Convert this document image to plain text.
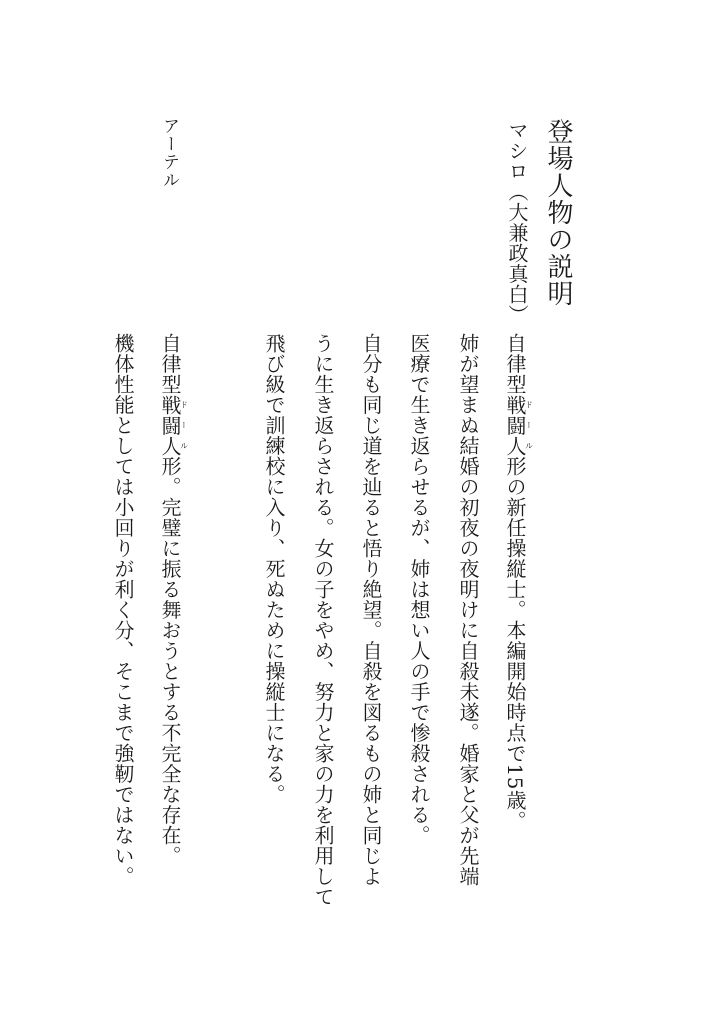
登場人物の説明
マシロ（大兼政真白）
自律型戦ド闘ー人ル形の新任操縦士。本編開始時点で15歳。
姉が望まぬ結婚の初夜の夜明けに自殺未遂。婚家と父が先端
医療で生き返らせるが、姉は想い人の手で惨殺される。
自分も同じ道を辿ると悟り絶望。自殺を図るもの姉と同じよ
うに生き返らされる。女の子をやめ、努力と家の力を利用して
飛び級で訓練校に入り、死ぬために操縦士になる。
アーテル
自律型戦ド闘ー人ル形。完璧に振る舞おうとする不完全な存在。
機体性能としては小回りが利く分、そこまで強靭ではない。
